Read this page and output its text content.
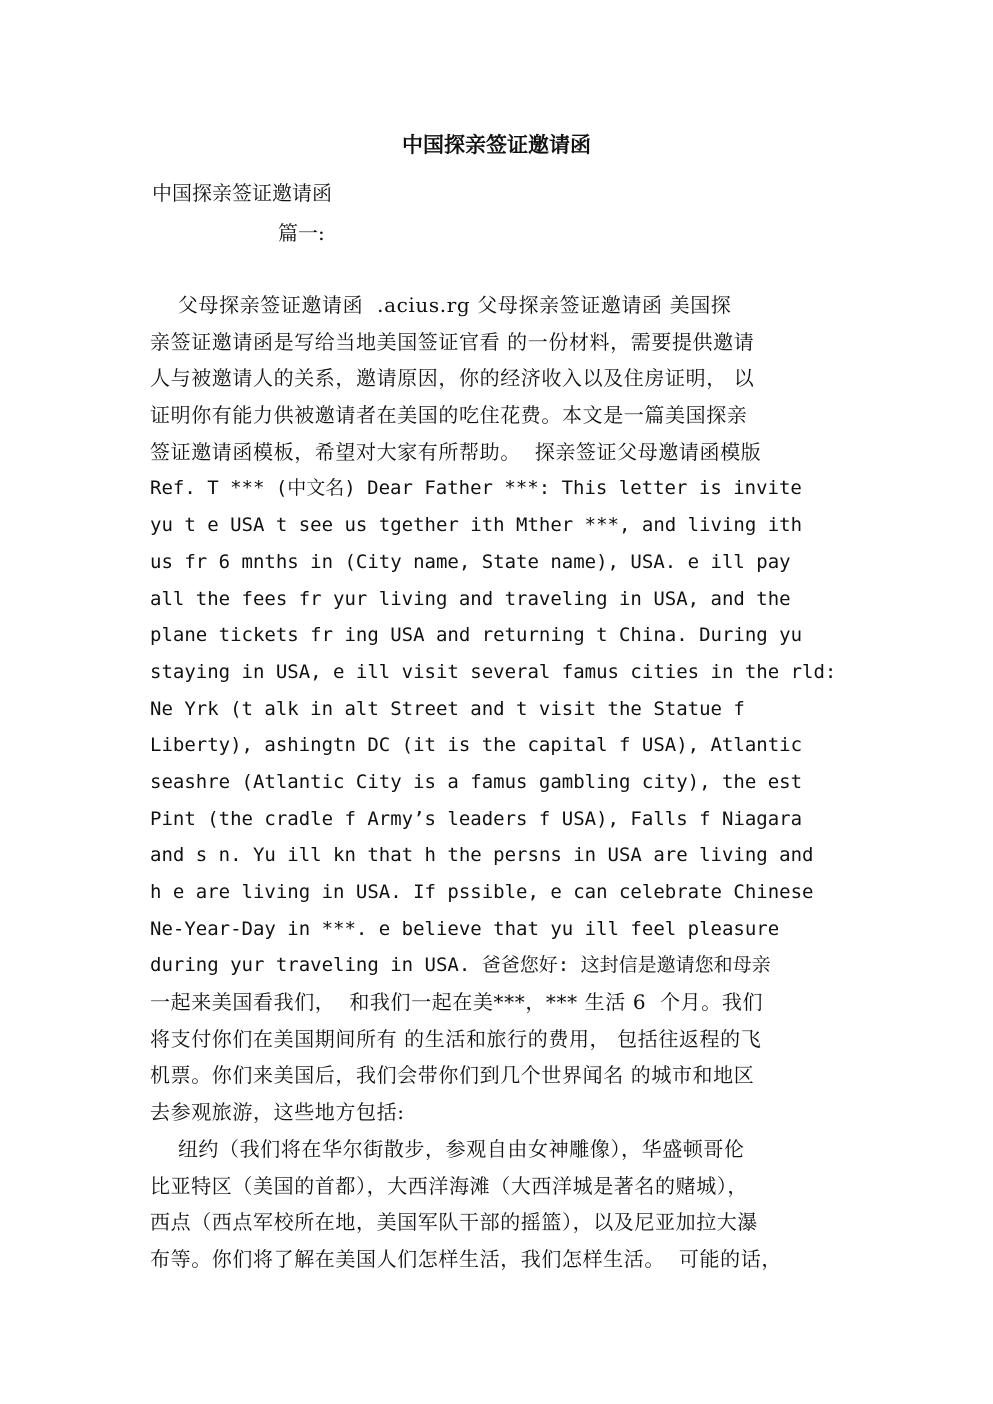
中国探亲签证邀请函

中国探亲签证邀请函

篇一:

父母探亲签证邀请函  .acius.rg 父母探亲签证邀请函 美国探
亲签证邀请函是写给当地美国签证官看 的一份材料，需要提供邀请
人与被邀请人的关系，邀请原因，你的经济收入以及住房证明， 以
证明你有能力供被邀请者在美国的吃住花费。本文是一篇美国探亲
签证邀请函模板，希望对大家有所帮助。  探亲签证父母邀请函模版
Ref. T *** (中文名) Dear Father ***: This letter is invite
yu t e USA t see us tgether ith Mther ***, and living ith
us fr 6 mnths in (City name, State name), USA. e ill pay
all the fees fr yur living and traveling in USA, and the
plane tickets fr ing USA and returning t China. During yu
staying in USA, e ill visit several famus cities in the rld:
Ne Yrk (t alk in alt Street and t visit the Statue f
Liberty), ashingtn DC (it is the capital f USA), Atlantic
seashre (Atlantic City is a famus gambling city), the est
Pint (the cradle f Army’s leaders f USA), Falls f Niagara
and s n. Yu ill kn that h the persns in USA are living and
h e are living in USA. If pssible, e can celebrate Chinese
Ne-Year-Day in ***. e believe that yu ill feel pleasure
during yur traveling in USA. 爸爸您好: 这封信是邀请您和母亲
一起来美国看我们，  和我们一起在美***，*** 生活 6  个月。我们
将支付你们在美国期间所有 的生活和旅行的费用， 包括往返程的飞
机票。你们来美国后，我们会带你们到几个世界闻名 的城市和地区
去参观旅游，这些地方包括:
纽约（我们将在华尔街散步，参观自由女神雕像），华盛顿哥伦
比亚特区（美国的首都），大西洋海滩（大西洋城是著名的赌城），
西点（西点军校所在地，美国军队干部的摇篮），以及尼亚加拉大瀑
布等。你们将了解在美国人们怎样生活，我们怎样生活。  可能的话，
